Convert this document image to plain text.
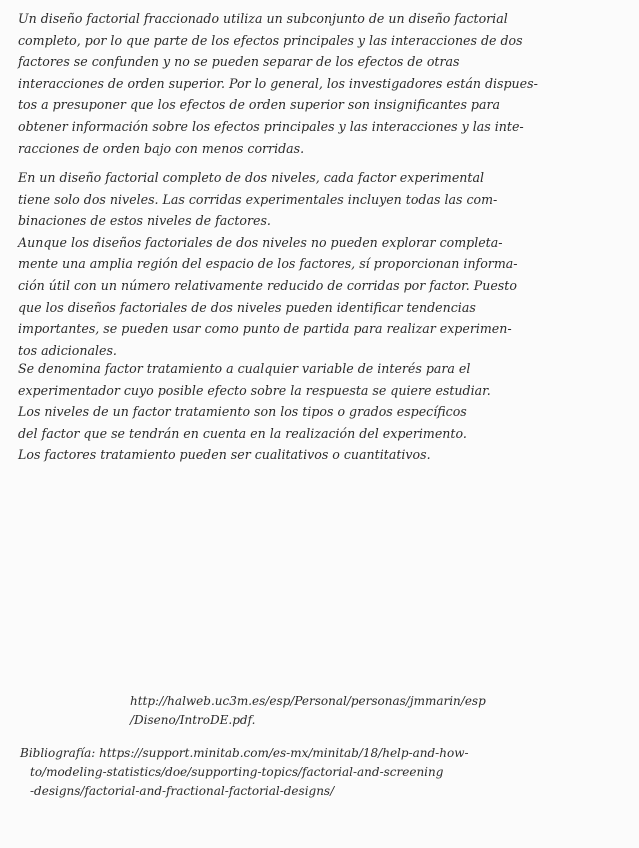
Un diseño factorial fraccionado utiliza un subconjunto de un diseño factorial
completo, por lo que parte de los efectos principales y las interacciones de dos
factores se confunden y no se pueden separar de los efectos de otras
interacciones de orden superior. Por lo general, los investigadores están dispues-
tos a presuponer que los efectos de orden superior son insignificantes para
obtener información sobre los efectos principales y las interacciones y las inte-
racciones de orden bajo con menos corridas.
En un diseño factorial completo de dos niveles, cada factor experimental
tiene solo dos niveles. Las corridas experimentales incluyen todas las com-
binaciones de estos niveles de factores.
Aunque los diseños factoriales de dos niveles no pueden explorar completa-
mente una amplia región del espacio de los factores, sí proporcionan informa-
ción útil con un número relativamente reducido de corridas por factor. Puesto
que los diseños factoriales de dos niveles pueden identificar tendencias
importantes, se pueden usar como punto de partida para realizar experimen-
tos adicionales.
Se denomina factor tratamiento a cualquier variable de interés para el
experimentador cuyo posible efecto sobre la respuesta se quiere estudiar.
Los niveles de un factor tratamiento son los tipos o grados específicos
del factor que se tendrán en cuenta en la realización del experimento.
Los factores tratamiento pueden ser cualitativos o cuantitativos.
http://halweb.uc3m.es/esp/Personal/personas/jmmarin/esp
/Diseno/IntroDE.pdf.
Bibliografía: https://support.minitab.com/es-mx/minitab/18/help-and-how-
to/modeling-statistics/doe/supporting-topics/factorial-and-screening
-designs/factorial-and-fractional-factorial-designs/
